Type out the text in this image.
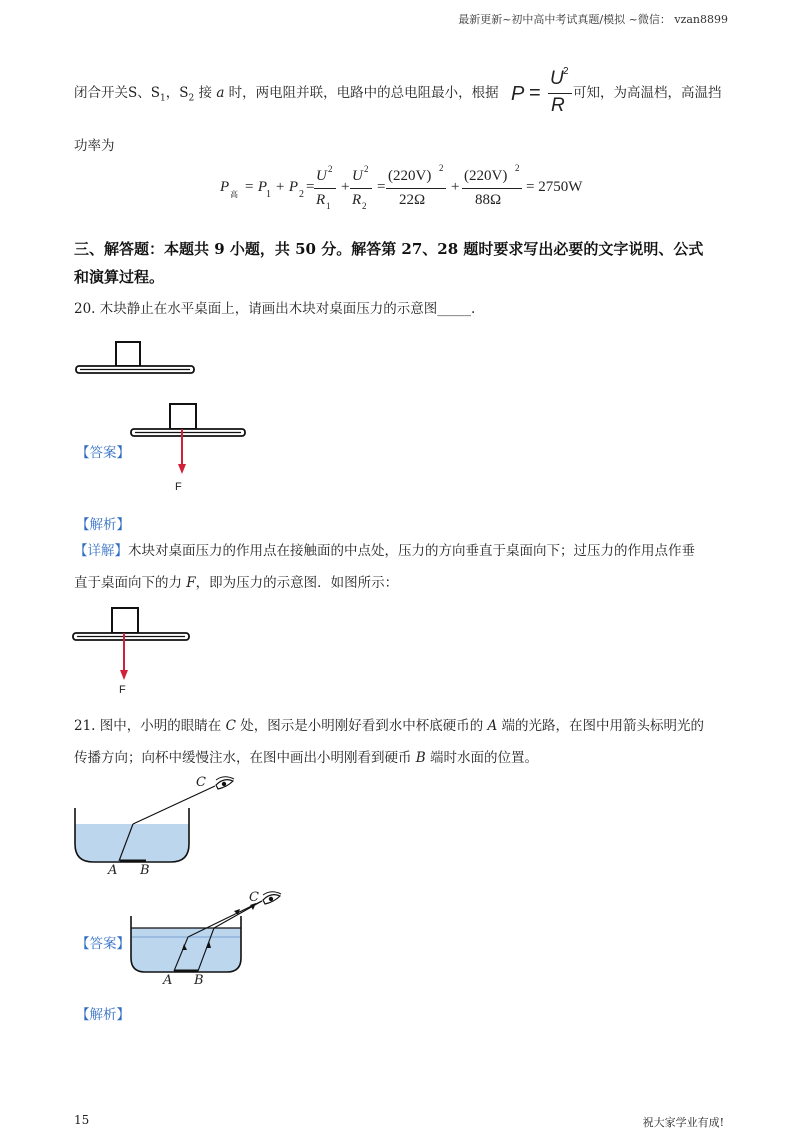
最新更新~初中高中考试真题/模拟 ~微信： vzan8899
闭合开关S、$S_1$，$S_2$ 接 a 时，两电阻并联，电路中的总电阻最小，根据 P =
U 2
R
可知，为高温档，高温挡
功率为
P 高 = P
1 + P 2 =
U 2
R 1
+
U 2
R 2
=
(220V) 2
22Ω
+
(220V) 2
88Ω
= 2750W
三、解答题：本题共 9 小题，共 50 分。解答第 27、28 题时要求写出必要的文字说明、公式
和演算过程。
20. 木块静止在水平桌面上，请画出木块对桌面压力的示意图_____.
【答案】
F
【解析】
【详解】木块对桌面压力的作用点在接触面的中点处，压力的方向垂直于桌面向下；过压力的作用点作垂
直于桌面向下的力 F，即为压力的示意图．如图所示：
F
21. 图中，小明的眼睛在 C 处，图示是小明刚好看到水中杯底硬币的 A 端的光路，在图中用箭头标明光的
传播方向；向杯中缓慢注水，在图中画出小明刚看到硬币 B 端时水面的位置。
C
A B
【答案】
C
A B
【解析】
15	祝大家学业有成!
